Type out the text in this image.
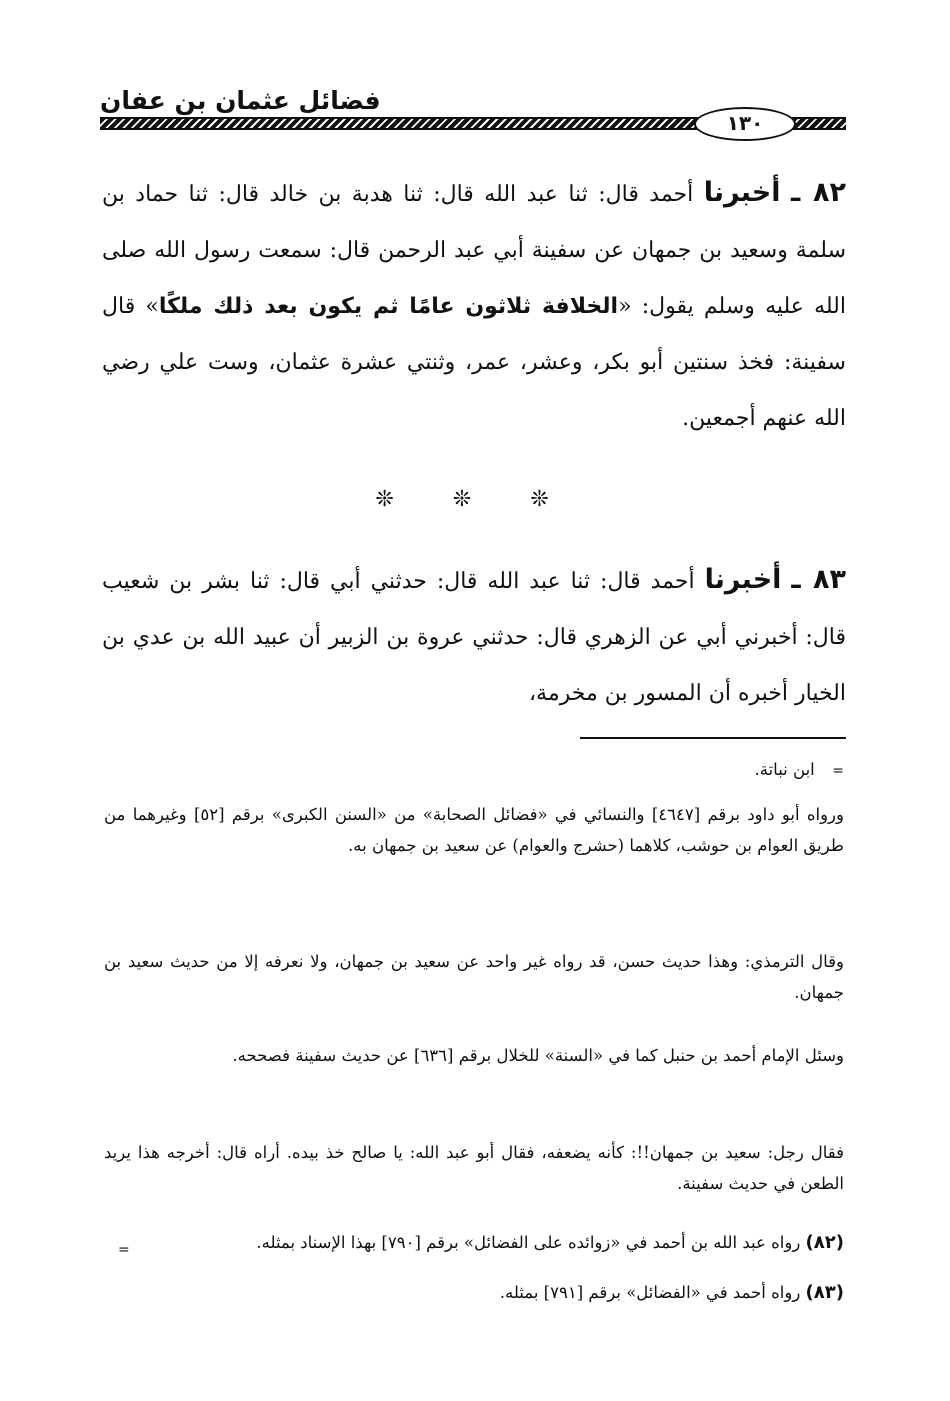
فضائل عثمان بن عفان
١٣٠
٨٢ ـ أخبرنا أحمد قال: ثنا عبد الله قال: ثنا هدبة بن خالد قال: ثنا حماد بن سلمة وسعيد بن جمهان عن سفينة أبي عبد الرحمن قال: سمعت رسول الله صلى الله عليه وسلم يقول: «الخلافة ثلاثون عامًا ثم يكون بعد ذلك ملكًا» قال سفينة: فخذ سنتين أبو بكر، وعشر، عمر، وثنتي عشرة عثمان، وست علي رضي الله عنهم أجمعين.
❊ ❊ ❊
٨٣ ـ أخبرنا أحمد قال: ثنا عبد الله قال: حدثني أبي قال: ثنا بشر بن شعيب قال: أخبرني أبي عن الزهري قال: حدثني عروة بن الزبير أن عبيد الله بن عدي بن الخيار أخبره أن المسور بن مخرمة،
= ابن نباتة.
ورواه أبو داود برقم [٤٦٤٧] والنسائي في «فضائل الصحابة» من «السنن الكبرى» برقم [٥٢] وغيرهما من طريق العوام بن حوشب، كلاهما (حشرج والعوام) عن سعيد بن جمهان به.
وقال الترمذي: وهذا حديث حسن، قد رواه غير واحد عن سعيد بن جمهان، ولا نعرفه إلا من حديث سعيد بن جمهان.
وسئل الإمام أحمد بن حنبل كما في «السنة» للخلال برقم [٦٣٦] عن حديث سفينة فصححه.
فقال رجل: سعيد بن جمهان!!: كأنه يضعفه، فقال أبو عبد الله: يا صالح خذ بيده. أراه قال: أخرجه هذا يريد الطعن في حديث سفينة.
(٨٢) رواه عبد الله بن أحمد في «زوائده على الفضائل» برقم [٧٩٠] بهذا الإسناد بمثله.
=
(٨٣) رواه أحمد في «الفضائل» برقم [٧٩١] بمثله.
